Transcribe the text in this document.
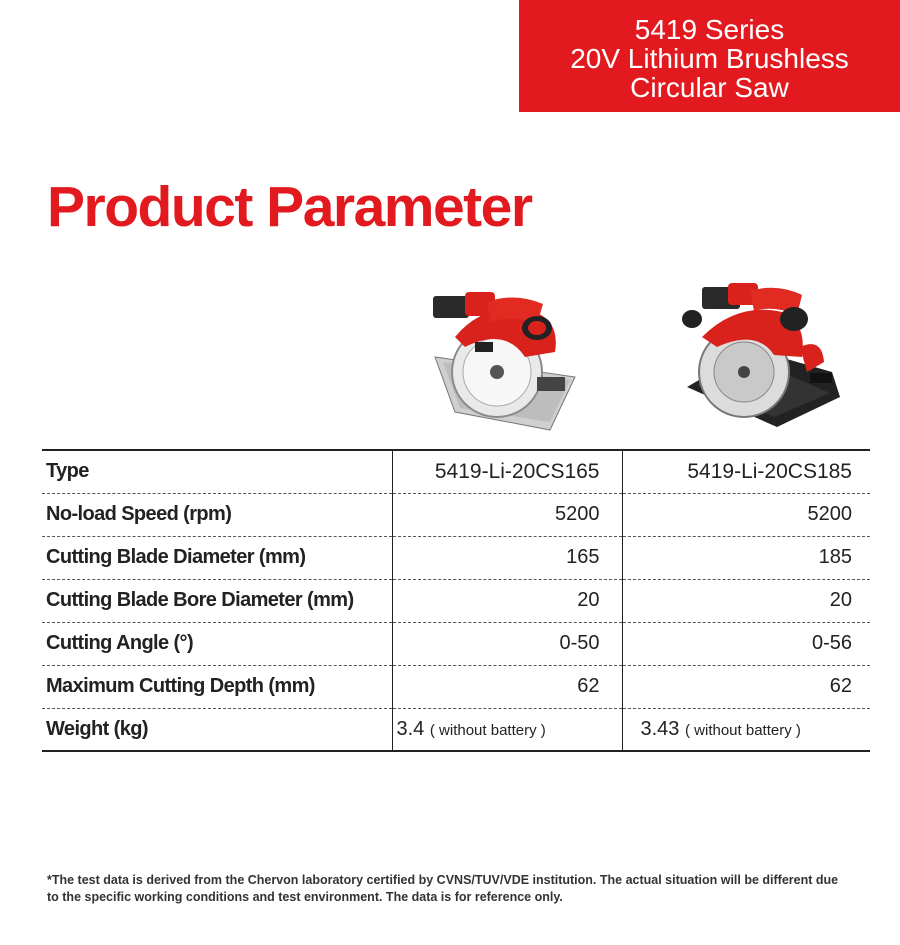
5419 Series
20V Lithium Brushless
Circular Saw
Product Parameter
Type	5419-Li-20CS165	5419-Li-20CS185
No-load Speed (rpm)	5200	5200
Cutting Blade Diameter (mm)	165	185
Cutting Blade Bore Diameter (mm)	20	20
Cutting Angle (°)	0-50	0-56
Maximum Cutting Depth (mm)	62	62
Weight (kg)	3.4 ( without battery )	3.43 ( without battery )

*The test data is derived from the Chervon laboratory certified by CVNS/TUV/VDE institution. The actual situation will be different due to the specific working conditions and test environment. The data is for reference only.
